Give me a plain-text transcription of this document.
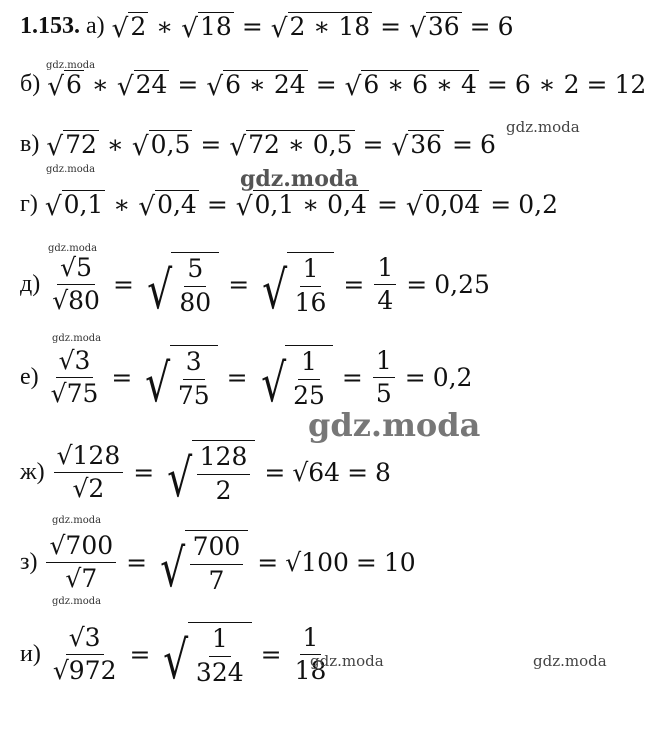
1.153. а) √ 2 ∗ √ 18 = √ 2 ∗ 18 = √ 36 = 6
б) √ 6 ∗ √ 24 = √ 6 ∗ 24 = √ 6 ∗ 6 ∗ 4 = 6 ∗ 2 = 12
в) √ 72 ∗ √ 0,5 = √ 72 ∗ 0,5 = √ 36 = 6
г) √ 0,1 ∗ √ 0,4 = √ 0,1 ∗ 0,4 = √ 0,04 = 0,2
$д) \frac{√5}{√80}$ = √ $\frac{5}{80}$ = √ $\frac{1}{16} = \frac{1}{4} = 0,25$
$е) \frac{√3}{√75}$ = √ $\frac{3}{75}$ = √ $\frac{1}{25} = \frac{1}{5} = 0,2$
$ж) \frac{√128}{√2}$ = √ $\frac{128}{2} = √64 = 8$
$з) \frac{√700}{√7}$ = √ $\frac{700}{7} = √100 = 10$
$и) \frac{√3}{√972}$ = √ $\frac{1}{324} = \frac{1}{18}$
gdz.moda
gdz.moda
gdz.moda	gdz.moda
gdz.moda
gdz.moda
gdz.moda
gdz.moda
gdz.moda
gdz.moda	gdz.moda
